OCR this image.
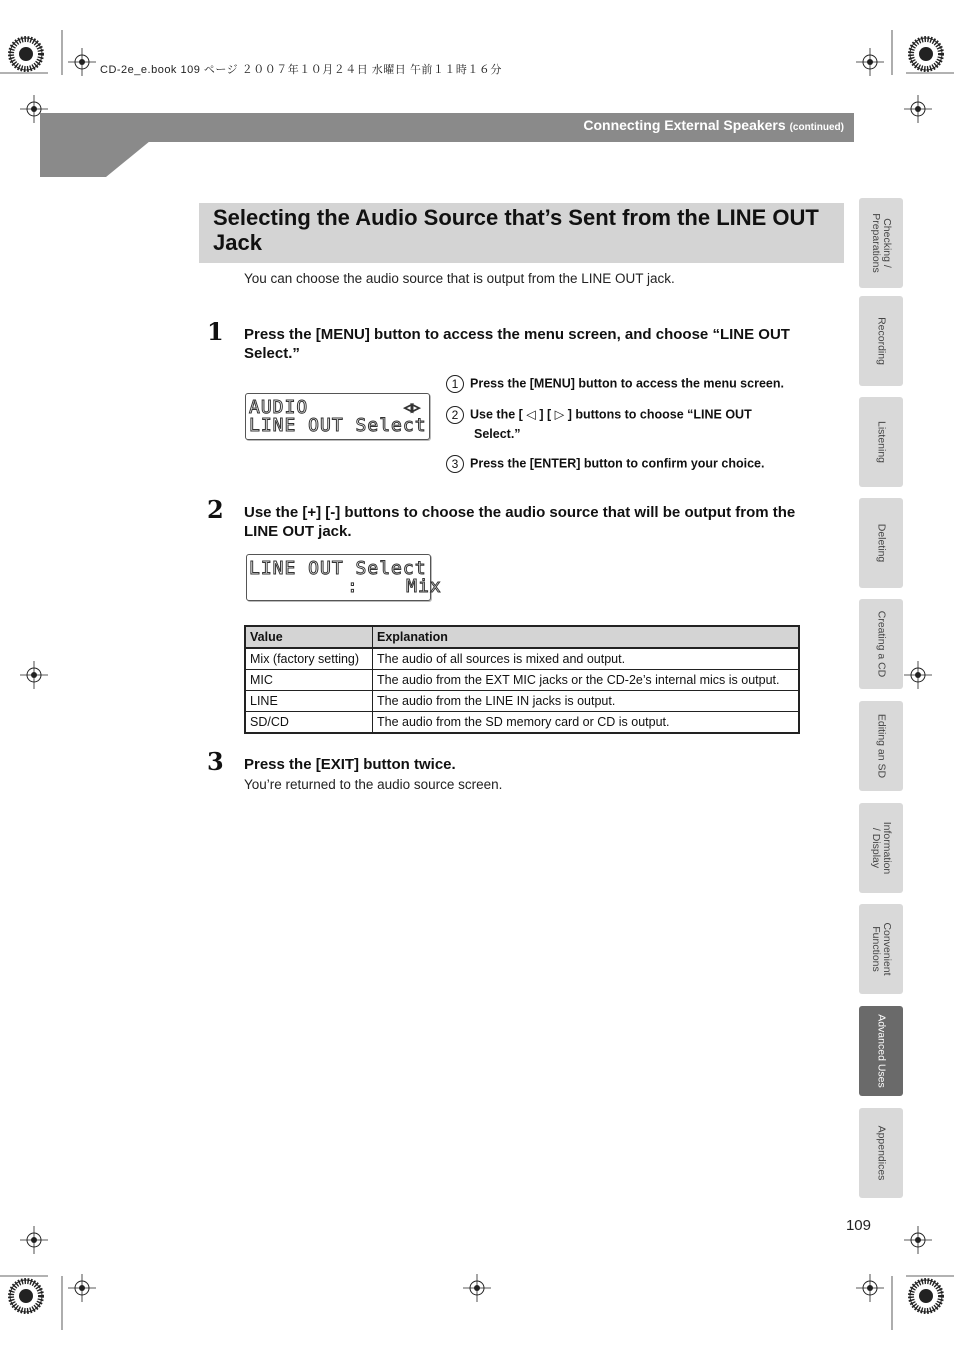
CD-2e_e.book 109 ページ ２００７年１０月２４日 水曜日 午前１１時１６分
Connecting External Speakers (continued)
Selecting the Audio Source that’s Sent from the LINE OUT Jack
You can choose the audio source that is output from the LINE OUT jack.
1 Press the [MENU] button to access the menu screen, and choose “LINE OUT Select.”
AUDIO	◁▷
LINE OUT Select
1 Press the [MENU] button to access the menu screen.
2 Use the [ ◁ ] [ ▷ ] buttons to choose “LINE OUT
Select.”
3 Press the [ENTER] button to confirm your choice.
2 Use the [+] [-] buttons to choose the audio source that will be output from the LINE OUT jack.
LINE OUT Select
:    Mix
Value	Explanation
Mix (factory setting)	The audio of all sources is mixed and output.
MIC	The audio from the EXT MIC jacks or the CD-2e’s internal mics is output.
LINE	The audio from the LINE IN jacks is output.
SD/CD	The audio from the SD memory card or CD is output.
3 Press the [EXIT] button twice.
You’re returned to the audio source screen.
Checking /
Preparations
Recording
Listening
Deleting
Creating a CD
Editing an SD
Information
/ Display
Convenient
Functions
Advanced Uses
Appendices
109
